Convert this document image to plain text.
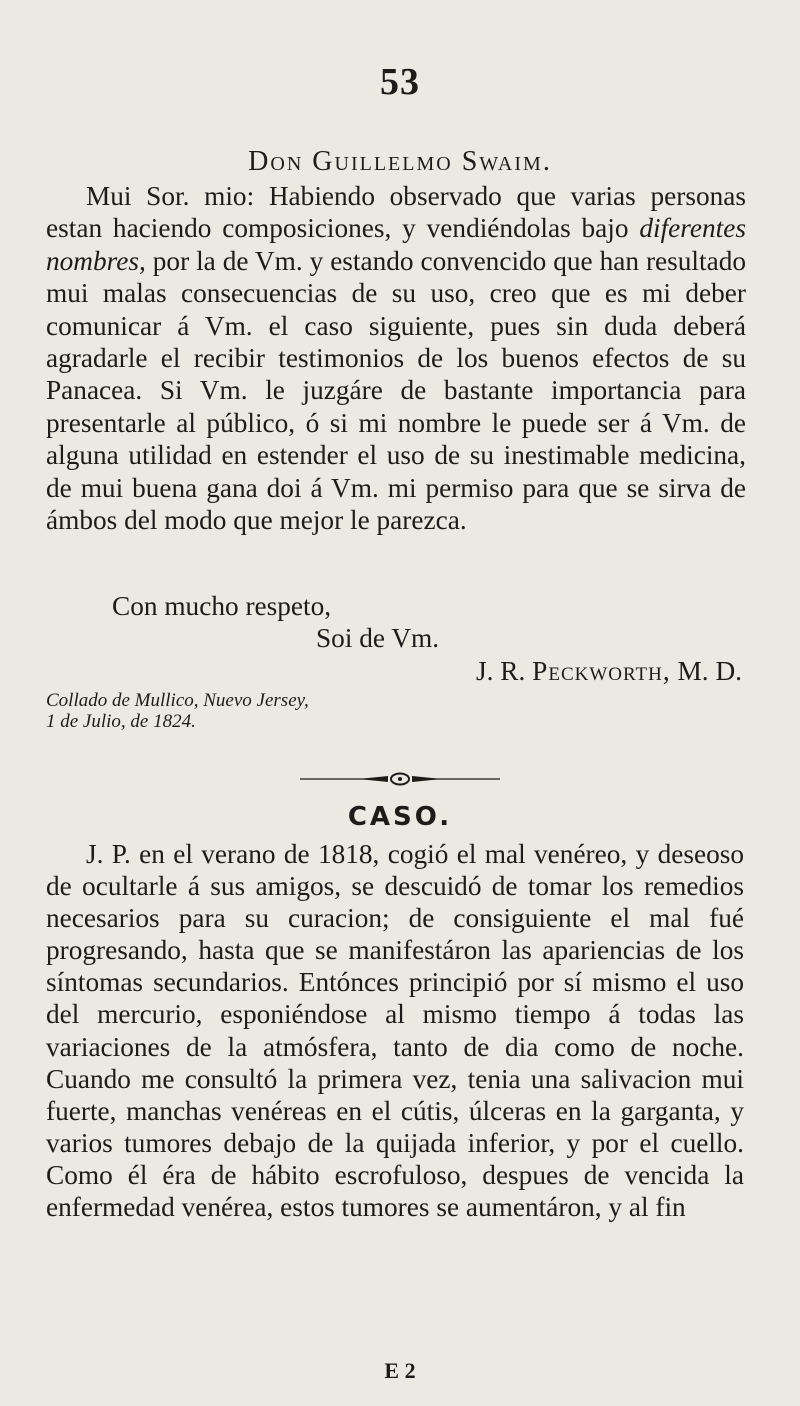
53
Don Guillelmo Swaim.

Mui Sor. mio: Habiendo observado que varias personas estan haciendo composiciones, y vendiéndolas bajo diferentes nombres, por la de Vm. y estando convencido que han resultado mui malas consecuencias de su uso, creo que es mi deber comunicar á Vm. el caso siguiente, pues sin duda deberá agradarle el recibir testimonios de los buenos efectos de su Panacea. Si Vm. le juzgáre de bastante importancia para presentarle al público, ó si mi nombre le puede ser á Vm. de alguna utilidad en estender el uso de su inestimable medicina, de mui buena gana doi á Vm. mi permiso para que se sirva de ámbos del modo que mejor le parezca.

Con mucho respeto,
Soi de Vm.
J. R. Peckworth, M. D.
Collado de Mullico, Nuevo Jersey,
1 de Julio, de 1824.
CASO.

J. P. en el verano de 1818, cogió el mal venéreo, y deseoso de ocultarle á sus amigos, se descuidó de tomar los remedios necesarios para su curacion; de consiguiente el mal fué progresando, hasta que se manifestáron las apariencias de los síntomas secundarios. Entónces principió por sí mismo el uso del mercurio, esponiéndose al mismo tiempo á todas las variaciones de la atmósfera, tanto de dia como de noche. Cuando me consultó la primera vez, tenia una salivacion mui fuerte, manchas venéreas en el cútis, úlceras en la garganta, y varios tumores debajo de la quijada inferior, y por el cuello. Como él éra de hábito escrofuloso, despues de vencida la enfermedad venérea, estos tumores se aumentáron, y al fin

E 2
